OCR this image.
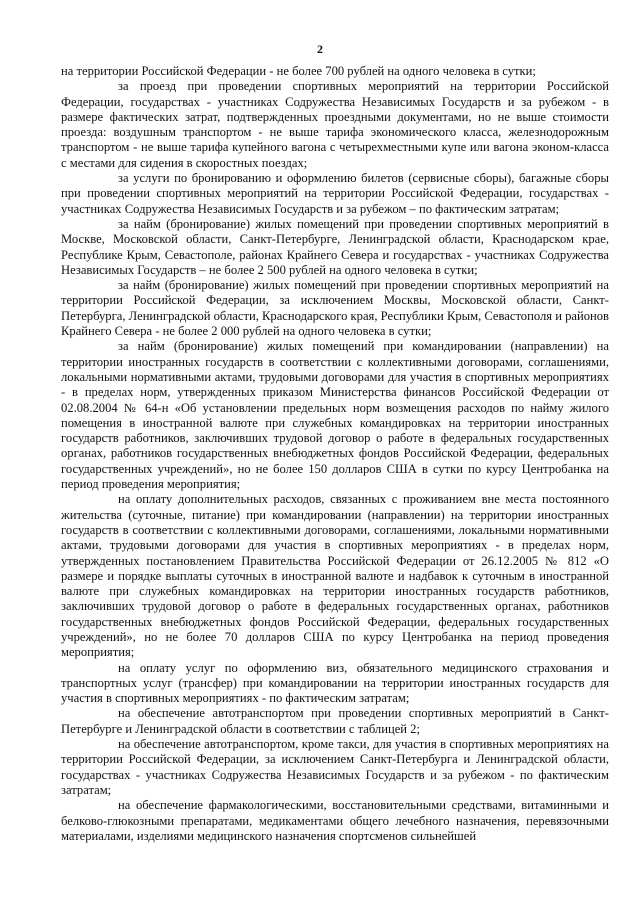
2

на территории Российской Федерации - не более 700 рублей на одного человека в сутки;

за проезд при проведении спортивных мероприятий на территории Российской Федерации, государствах - участниках Содружества Независимых Государств и за рубежом - в размере фактических затрат, подтвержденных проездными документами, но не выше стоимости проезда: воздушным транспортом - не выше тарифа экономического класса, железнодорожным транспортом - не выше тарифа купейного вагона с четырехместными купе или вагона эконом-класса с местами для сидения в скоростных поездах;

за услуги по бронированию и оформлению билетов (сервисные сборы), багажные сборы при проведении спортивных мероприятий на территории Российской Федерации, государствах - участниках Содружества Независимых Государств и за рубежом – по фактическим затратам;

за найм (бронирование) жилых помещений при проведении спортивных мероприятий в Москве, Московской области, Санкт-Петербурге, Ленинградской области, Краснодарском крае, Республике Крым, Севастополе, районах Крайнего Севера и государствах - участниках Содружества Независимых Государств – не более 2 500 рублей на одного человека в сутки;

за найм (бронирование) жилых помещений при проведении спортивных мероприятий на территории Российской Федерации, за исключением Москвы, Московской области, Санкт-Петербурга, Ленинградской области, Краснодарского края, Республики Крым, Севастополя и районов Крайнего Севера - не более 2 000 рублей на одного человека в сутки;

за найм (бронирование) жилых помещений при командировании (направлении) на территории иностранных государств в соответствии с коллективными договорами, соглашениями, локальными нормативными актами, трудовыми договорами для участия в спортивных мероприятиях - в пределах норм, утвержденных приказом Министерства финансов Российской Федерации от 02.08.2004 № 64-н «Об установлении предельных норм возмещения расходов по найму жилого помещения в иностранной валюте при служебных командировках на территории иностранных государств работников, заключивших трудовой договор о работе в федеральных государственных органах, работников государственных внебюджетных фондов Российской Федерации, федеральных государственных учреждений», но не более 150 долларов США в сутки по курсу Центробанка на период проведения мероприятия;

на оплату дополнительных расходов, связанных с проживанием вне места постоянного жительства (суточные, питание) при командировании (направлении) на территории иностранных государств в соответствии с коллективными договорами, соглашениями, локальными нормативными актами, трудовыми договорами для участия в спортивных мероприятиях - в пределах норм, утвержденных постановлением Правительства Российской Федерации от 26.12.2005 № 812 «О размере и порядке выплаты суточных в иностранной валюте и надбавок к суточным в иностранной валюте при служебных командировках на территории иностранных государств работников, заключивших трудовой договор о работе в федеральных государственных органах, работников государственных внебюджетных фондов Российской Федерации, федеральных государственных учреждений», но не более 70 долларов США по курсу Центробанка на период проведения мероприятия;

на оплату услуг по оформлению виз, обязательного медицинского страхования и транспортных услуг (трансфер) при командировании на территории иностранных государств для участия в спортивных мероприятиях - по фактическим затратам;

на обеспечение автотранспортом при проведении спортивных мероприятий в Санкт-Петербурге и Ленинградской области в соответствии с таблицей 2;

на обеспечение автотранспортом, кроме такси, для участия в спортивных мероприятиях на территории Российской Федерации, за исключением Санкт-Петербурга и Ленинградской области, государствах - участниках Содружества Независимых Государств и за рубежом - по фактическим затратам;

на обеспечение фармакологическими, восстановительными средствами, витаминными и белково-глюкозными препаратами, медикаментами общего лечебного назначения, перевязочными материалами, изделиями медицинского назначения спортсменов сильнейшей
